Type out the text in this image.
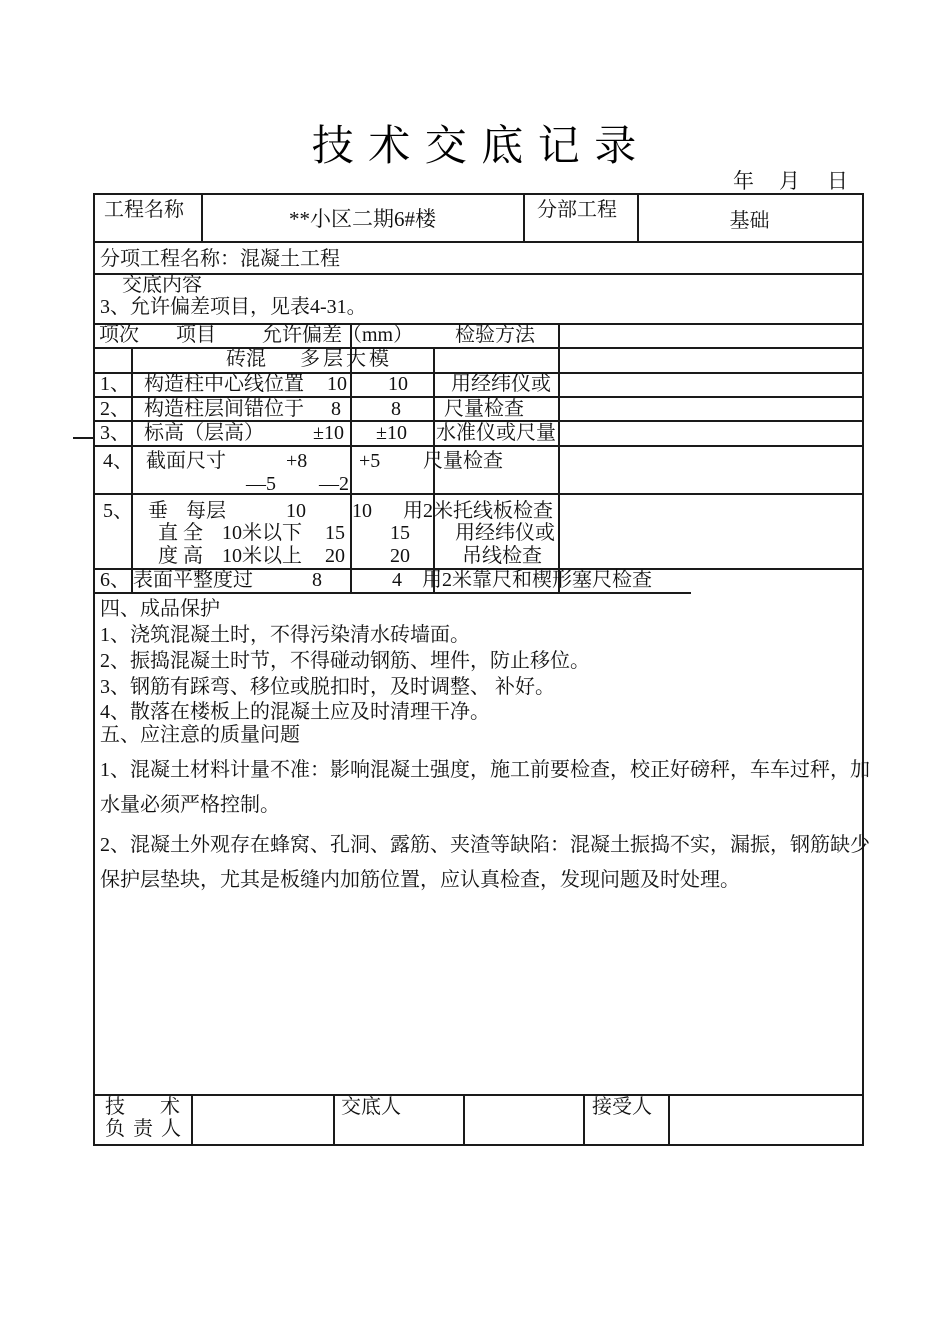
技 术 交 底 记 录
年 月 日
工程名称	**小区二期6#楼	分部工程	基础
分项工程名称：混凝土工程
交底内容
3、允许偏差项目，见表4-31。
项次 项目 允许偏差（mm） 检验方法
砖混 多层大模
1、 构造柱中心线位置 10 10 用经纬仪或
2、 构造柱层间错位于 8	8 尺量检查
3、 标高（层高） ±10 ±10 水准仪或尺量
4、 截面尺寸	+8	+5 尺量检查
—5 —2
5、 垂 每层	10 10 用2米托线板检查
直 全 10米以下 15 15 用经纬仪或
度 高 10米以上 20 20	吊线检查
6、 表面平整度过	8	4 用2米靠尺和楔形塞尺检查
四、成品保护
1、浇筑混凝土时，不得污染清水砖墙面。
2、振捣混凝土时节，不得碰动钢筋、埋件，防止移位。
3、钢筋有踩弯、移位或脱扣时，及时调整、 补好。
4、散落在楼板上的混凝土应及时清理干净。
五、应注意的质量问题
1、混凝土材料计量不准：影响混凝土强度，施工前要检查，校正好磅秤，车车过秤，加
水量必须严格控制。
2、混凝土外观存在蜂窝、孔洞、露筋、夹渣等缺陷：混凝土振捣不实，漏振，钢筋缺少
保护层垫块，尤其是板缝内加筋位置，应认真检查，发现问题及时处理。
技术
负责人
交底人	接受人
